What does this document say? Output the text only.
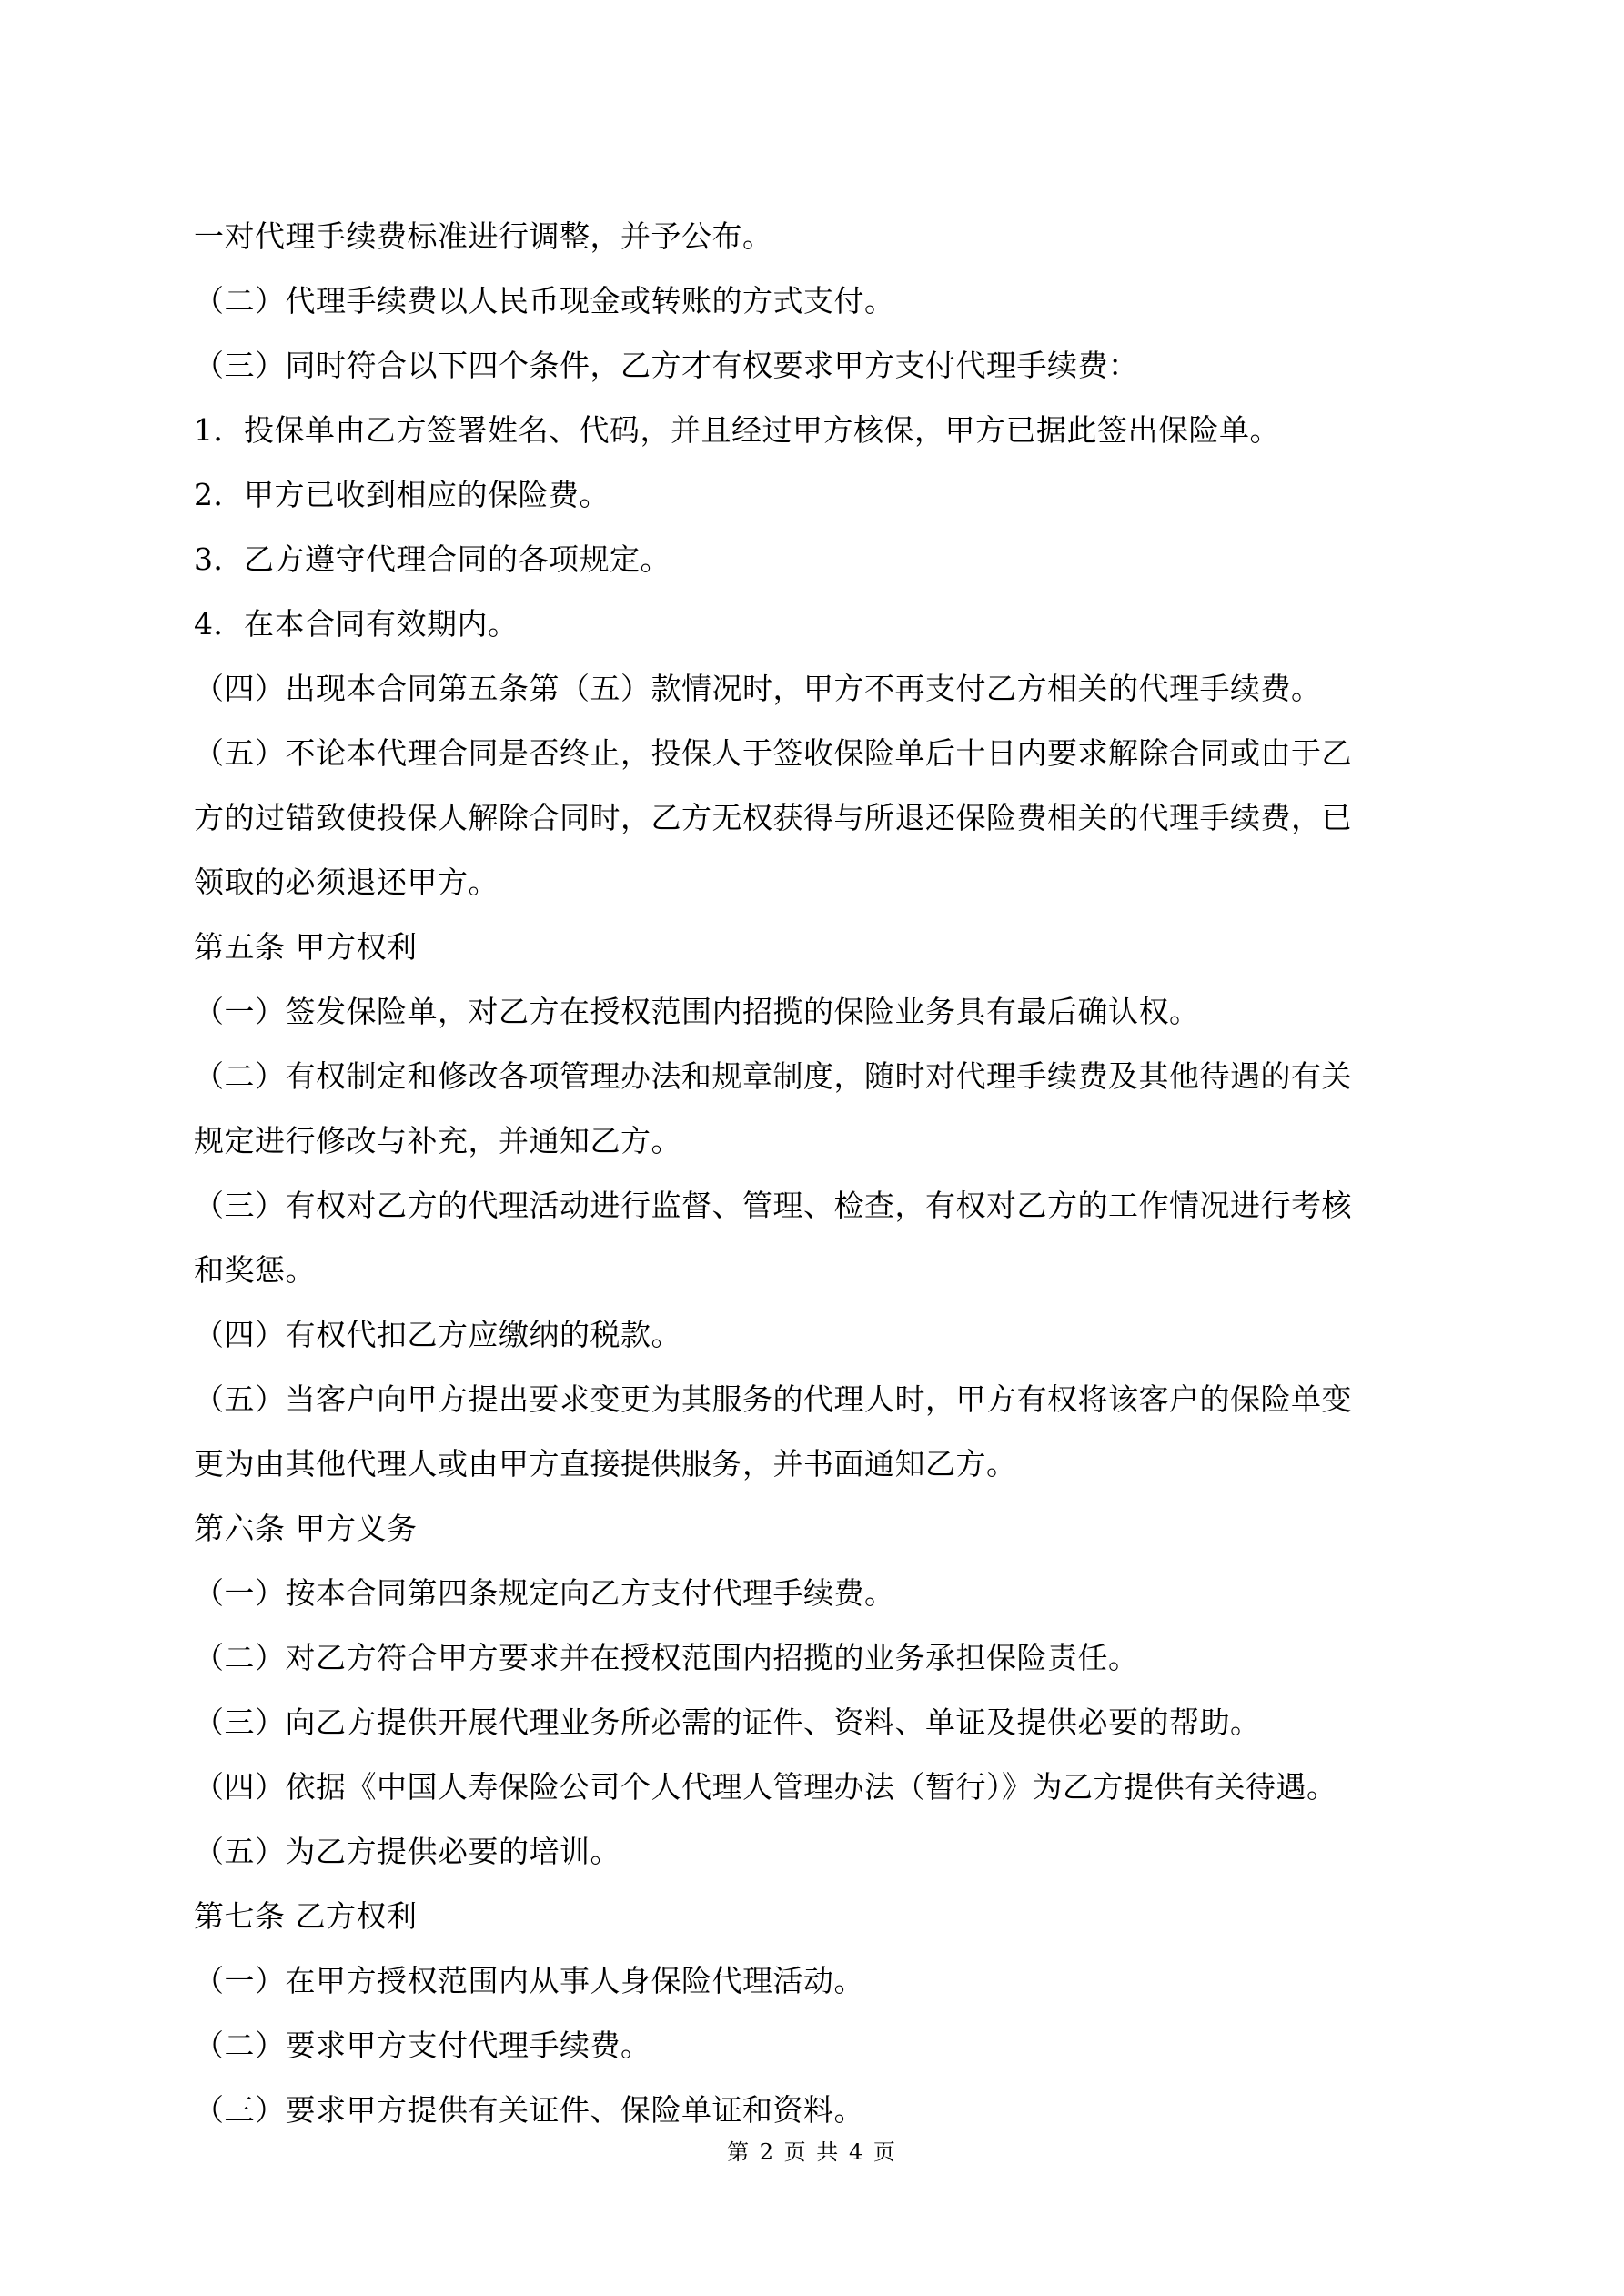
一对代理手续费标准进行调整，并予公布。
（二）代理手续费以人民币现金或转账的方式支付。
（三）同时符合以下四个条件，乙方才有权要求甲方支付代理手续费：
1．投保单由乙方签署姓名、代码，并且经过甲方核保，甲方已据此签出保险单。
2．甲方已收到相应的保险费。
3．乙方遵守代理合同的各项规定。
4．在本合同有效期内。
（四）出现本合同第五条第（五）款情况时，甲方不再支付乙方相关的代理手续费。
（五）不论本代理合同是否终止，投保人于签收保险单后十日内要求解除合同或由于乙
方的过错致使投保人解除合同时，乙方无权获得与所退还保险费相关的代理手续费，已
领取的必须退还甲方。
第五条 甲方权利
（一）签发保险单，对乙方在授权范围内招揽的保险业务具有最后确认权。
（二）有权制定和修改各项管理办法和规章制度，随时对代理手续费及其他待遇的有关
规定进行修改与补充，并通知乙方。
（三）有权对乙方的代理活动进行监督、管理、检查，有权对乙方的工作情况进行考核
和奖惩。
（四）有权代扣乙方应缴纳的税款。
（五）当客户向甲方提出要求变更为其服务的代理人时，甲方有权将该客户的保险单变
更为由其他代理人或由甲方直接提供服务，并书面通知乙方。
第六条 甲方义务
（一）按本合同第四条规定向乙方支付代理手续费。
（二）对乙方符合甲方要求并在授权范围内招揽的业务承担保险责任。
（三）向乙方提供开展代理业务所必需的证件、资料、单证及提供必要的帮助。
（四）依据《中国人寿保险公司个人代理人管理办法（暂行）》为乙方提供有关待遇。
（五）为乙方提供必要的培训。
第七条 乙方权利
（一）在甲方授权范围内从事人身保险代理活动。
（二）要求甲方支付代理手续费。
（三）要求甲方提供有关证件、保险单证和资料。
第 2 页 共 4 页
